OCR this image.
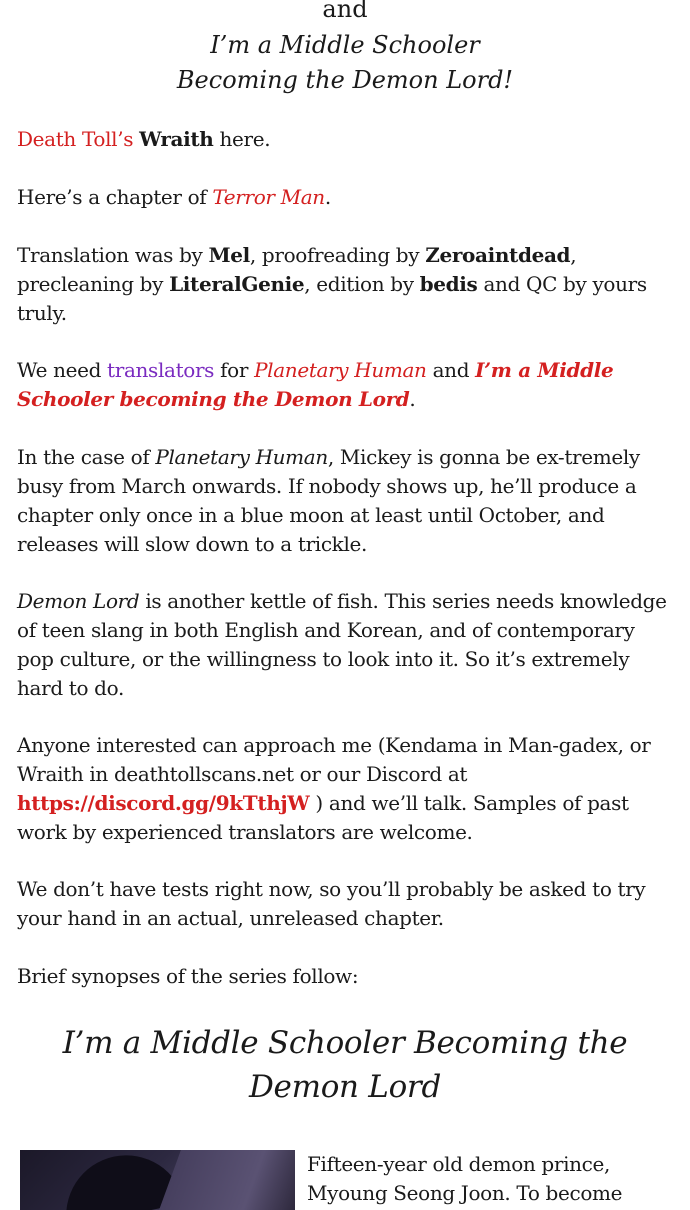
and
I’m a Middle Schooler
Becoming the Demon Lord!

Death Toll’s Wraith here.

Here’s a chapter of Terror Man.

Translation was by Mel, proofreading by Zeroaintdead, precleaning by LiteralGenie, edition by bedis and QC by yours truly.

We need translators for Planetary Human and I’m a Middle Schooler becoming the Demon Lord.

In the case of Planetary Human, Mickey is gonna be ex-tremely busy from March onwards. If nobody shows up, he’ll produce a chapter only once in a blue moon at least until October, and releases will slow down to a trickle.

Demon Lord is another kettle of fish. This series needs knowledge of teen slang in both English and Korean, and of contemporary pop culture, or the willingness to look into it. So it’s extremely hard to do.

Anyone interested can approach me (Kendama in Man-gadex, or Wraith in deathtollscans.net or our Discord at https://discord.gg/9kTthjW ) and we’ll talk. Samples of past work by experienced translators are welcome.

We don’t have tests right now, so you’ll probably be asked to try your hand in an actual, unreleased chapter.

Brief synopses of the series follow:

I’m a Middle Schooler Becoming the Demon Lord

Fifteen-year old demon prince, Myoung Seong Joon. To become
